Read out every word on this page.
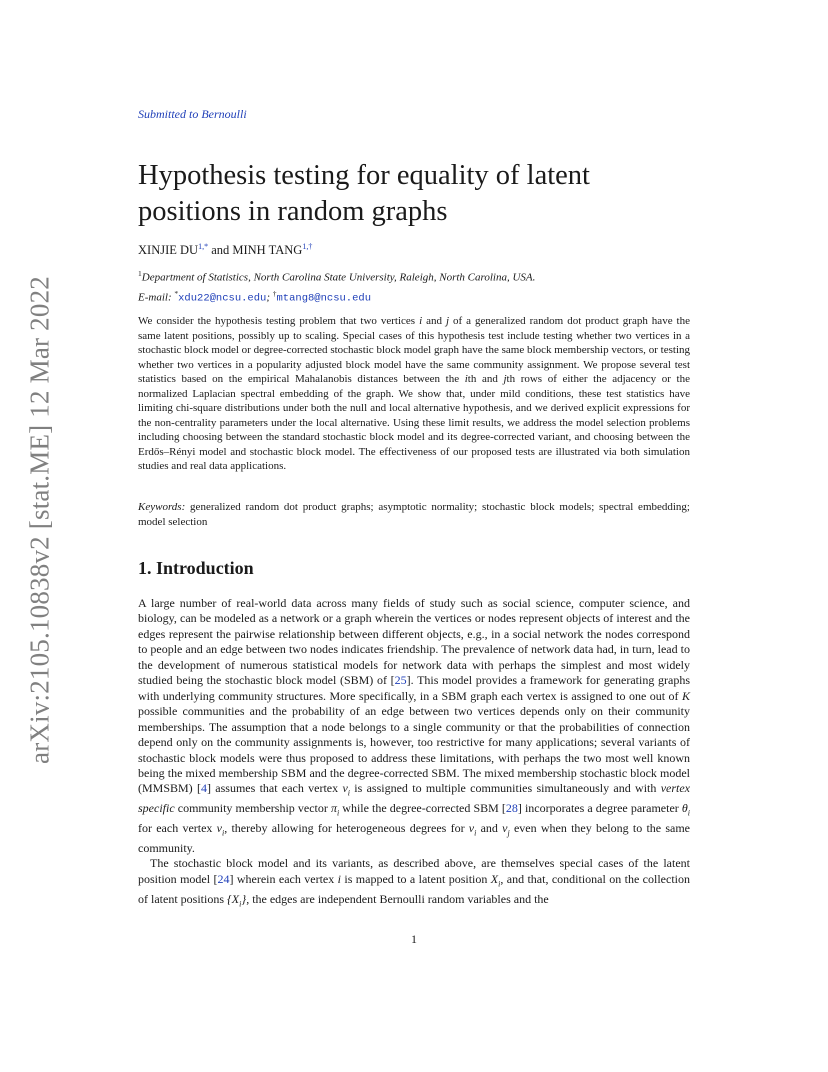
arXiv:2105.10838v2 [stat.ME] 12 Mar 2022
Submitted to Bernoulli
Hypothesis testing for equality of latent
positions in random graphs
XINJIE $DU^{1,*}$ and MINH $TANG^{1,\dagger}$
$^1$Department of Statistics, North Carolina State University, Raleigh, North Carolina, USA.
E-mail: *xdu22@ncsu.edu; †mtang8@ncsu.edu

We consider the hypothesis testing problem that two vertices i and j of a generalized random dot product graph have the same latent positions, possibly up to scaling. Special cases of this hypothesis test include testing whether two vertices in a stochastic block model or degree-corrected stochastic block model graph have the same block membership vectors, or testing whether two vertices in a popularity adjusted block model have the same community assignment. We propose several test statistics based on the empirical Mahalanobis distances between the ith and jth rows of either the adjacency or the normalized Laplacian spectral embedding of the graph. We show that, under mild conditions, these test statistics have limiting chi-square distributions under both the null and local alternative hypothesis, and we derived explicit expressions for the non-centrality parameters under the local alternative. Using these limit results, we address the model selection problems including choosing between the standard stochastic block model and its degree-corrected variant, and choosing between the Erdős–Rényi model and stochastic block model. The effectiveness of our proposed tests are illustrated via both simulation studies and real data applications.

Keywords: generalized random dot product graphs; asymptotic normality; stochastic block models; spectral embedding; model selection

1. Introduction

A large number of real-world data across many fields of study such as social science, computer science, and biology, can be modeled as a network or a graph wherein the vertices or nodes represent objects of interest and the edges represent the pairwise relationship between different objects, e.g., in a social network the nodes correspond to people and an edge between two nodes indicates friendship. The prevalence of network data had, in turn, lead to the development of numerous statistical models for network data with perhaps the simplest and most widely studied being the stochastic block model (SBM) of [25]. This model provides a framework for generating graphs with underlying community structures. More specifically, in a SBM graph each vertex is assigned to one out of K possible communities and the probability of an edge between two vertices depends only on their community memberships. The assumption that a node belongs to a single community or that the probabilities of connection depend only on the community assignments is, however, too restrictive for many applications; several variants of stochastic block models were thus proposed to address these limitations, with perhaps the two most well known being the mixed membership SBM and the degree-corrected SBM. The mixed membership stochastic block model (MMSBM) [4] assumes that each vertex $v_i$ is assigned to multiple communities simultaneously and with vertex specific community membership vector $\pi_i$ while the degree-corrected SBM [28] incorporates a degree parameter $\theta_i$ for each vertex $v_i$, thereby allowing for heterogeneous degrees for $v_i$ and $v_j$ even when they belong to the same community.

The stochastic block model and its variants, as described above, are themselves special cases of the latent position model [24] wherein each vertex i is mapped to a latent position $X_i$, and that, conditional on the collection of latent positions $\{X_i\}$, the edges are independent Bernoulli random variables and the

1
